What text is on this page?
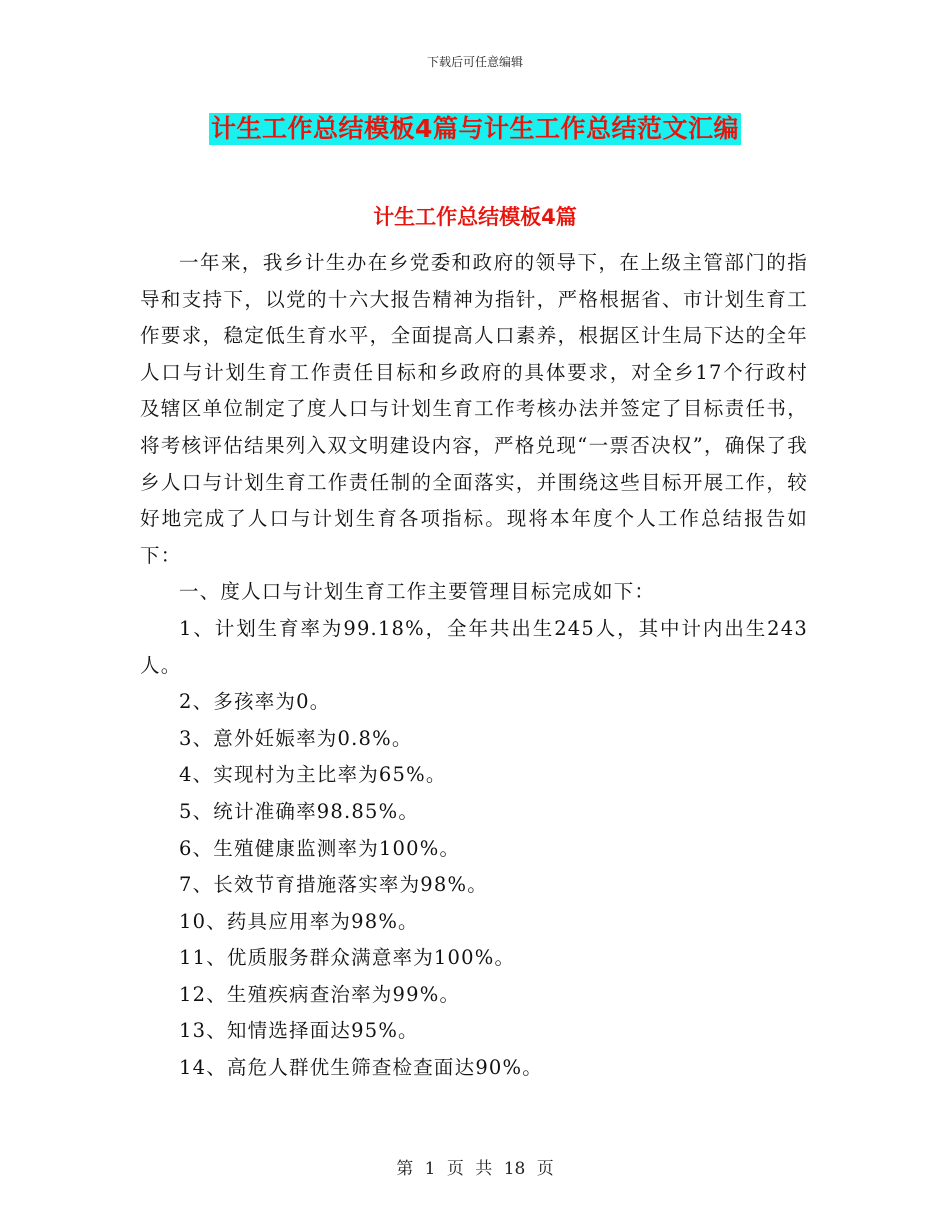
下载后可任意编辑
计生工作总结模板4篇与计生工作总结范文汇编
计生工作总结模板4篇

一年来，我乡计生办在乡党委和政府的领导下，在上级主管部门的指导和支持下，以党的十六大报告精神为指针，严格根据省、市计划生育工作要求，稳定低生育水平，全面提高人口素养，根据区计生局下达的全年人口与计划生育工作责任目标和乡政府的具体要求，对全乡17个行政村及辖区单位制定了度人口与计划生育工作考核办法并签定了目标责任书，将考核评估结果列入双文明建设内容，严格兑现“一票否决权”，确保了我乡人口与计划生育工作责任制的全面落实，并围绕这些目标开展工作，较好地完成了人口与计划生育各项指标。现将本年度个人工作总结报告如下：

一、度人口与计划生育工作主要管理目标完成如下：

1、计划生育率为99.18%，全年共出生245人，其中计内出生243人。

2、多孩率为0。

3、意外妊娠率为0.8%。

4、实现村为主比率为65%。

5、统计准确率98.85%。

6、生殖健康监测率为100%。

7、长效节育措施落实率为98%。

10、药具应用率为98%。

11、优质服务群众满意率为100%。

12、生殖疾病查治率为99%。

13、知情选择面达95%。

14、高危人群优生筛查检查面达90%。

第 1 页 共 18 页
